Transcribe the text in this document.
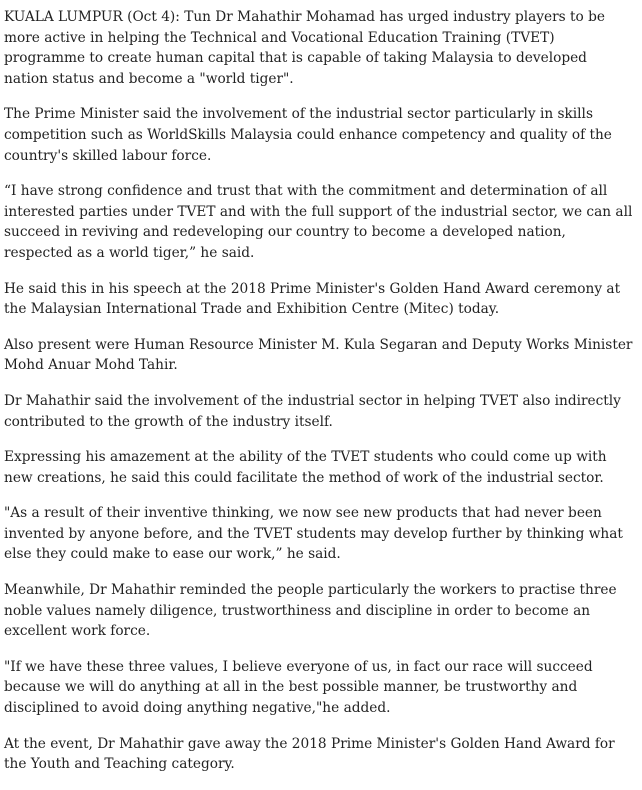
KUALA LUMPUR (Oct 4): Tun Dr Mahathir Mohamad has urged industry players to be more active in helping the Technical and Vocational Education Training (TVET) programme to create human capital that is capable of taking Malaysia to developed nation status and become a "world tiger".

The Prime Minister said the involvement of the industrial sector particularly in skills competition such as WorldSkills Malaysia could enhance competency and quality of the country's skilled labour force.

“I have strong confidence and trust that with the commitment and determination of all interested parties under TVET and with the full support of the industrial sector, we can all succeed in reviving and redeveloping our country to become a developed nation, respected as a world tiger,” he said.

He said this in his speech at the 2018 Prime Minister's Golden Hand Award ceremony at the Malaysian International Trade and Exhibition Centre (Mitec) today.

Also present were Human Resource Minister M. Kula Segaran and Deputy Works Minister Mohd Anuar Mohd Tahir.

Dr Mahathir said the involvement of the industrial sector in helping TVET also indirectly contributed to the growth of the industry itself.

Expressing his amazement at the ability of the TVET students who could come up with new creations, he said this could facilitate the method of work of the industrial sector.

"As a result of their inventive thinking, we now see new products that had never been invented by anyone before, and the TVET students may develop further by thinking what else they could make to ease our work,” he said.

Meanwhile, Dr Mahathir reminded the people particularly the workers to practise three noble values namely diligence, trustworthiness and discipline in order to become an excellent work force.

"If we have these three values, I believe everyone of us, in fact our race will succeed because we will do anything at all in the best possible manner, be trustworthy and disciplined to avoid doing anything negative,"he added.

At the event, Dr Mahathir gave away the 2018 Prime Minister's Golden Hand Award for the Youth and Teaching category.
